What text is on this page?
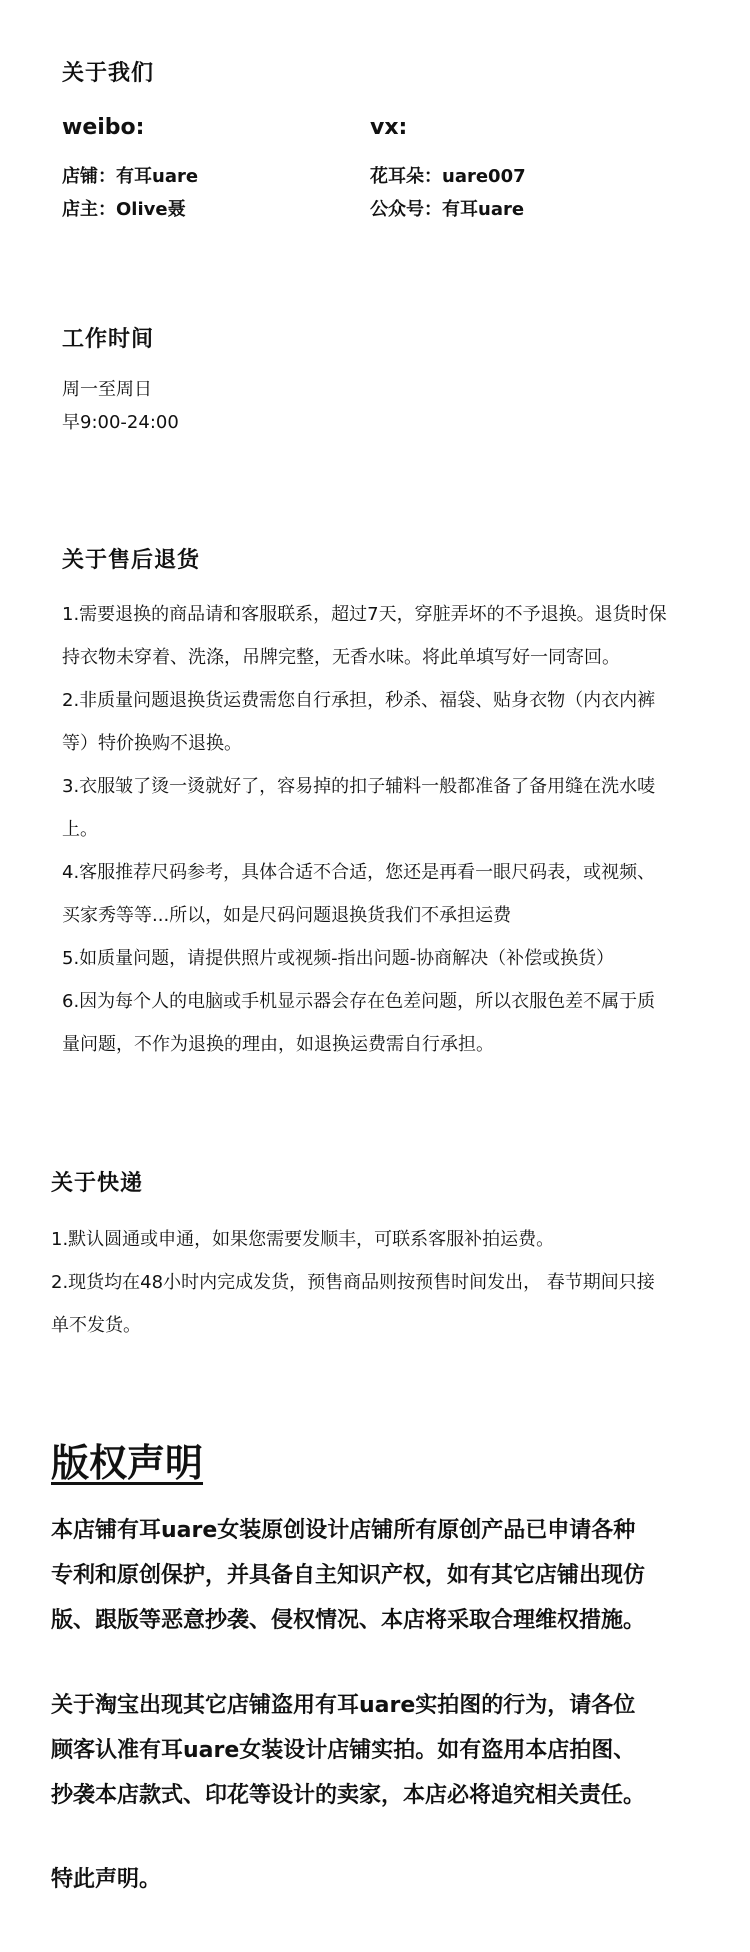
关于我们
weibo:
店铺：有耳uare
店主：Olive聂
vx:
花耳朵：uare007
公众号：有耳uare
工作时间
周一至周日
早9:00-24:00
关于售后退货
1.需要退换的商品请和客服联系，超过7天，穿脏弄坏的不予退换。退货时保
持衣物未穿着、洗涤，吊牌完整，无香水味。将此单填写好一同寄回。
2.非质量问题退换货运费需您自行承担，秒杀、福袋、贴身衣物（内衣内裤
等）特价换购不退换。
3.衣服皱了烫一烫就好了，容易掉的扣子辅料一般都准备了备用缝在洗水唛
上。
4.客服推荐尺码参考，具体合适不合适，您还是再看一眼尺码表，或视频、
买家秀等等...所以，如是尺码问题退换货我们不承担运费
5.如质量问题，请提供照片或视频-指出问题-协商解决（补偿或换货）
6.因为每个人的电脑或手机显示器会存在色差问题，所以衣服色差不属于质
量问题，不作为退换的理由，如退换运费需自行承担。
关于快递
1.默认圆通或申通，如果您需要发顺丰，可联系客服补拍运费。
2.现货均在48小时内完成发货，预售商品则按预售时间发出， 春节期间只接
单不发货。
版权声明
本店铺有耳uare女装原创设计店铺所有原创产品已申请各种
专利和原创保护，并具备自主知识产权，如有其它店铺出现仿
版、跟版等恶意抄袭、侵权情况、本店将采取合理维权措施。
关于淘宝出现其它店铺盗用有耳uare实拍图的行为，请各位
顾客认准有耳uare女装设计店铺实拍。如有盗用本店拍图、
抄袭本店款式、印花等设计的卖家，本店必将追究相关责任。
特此声明。
